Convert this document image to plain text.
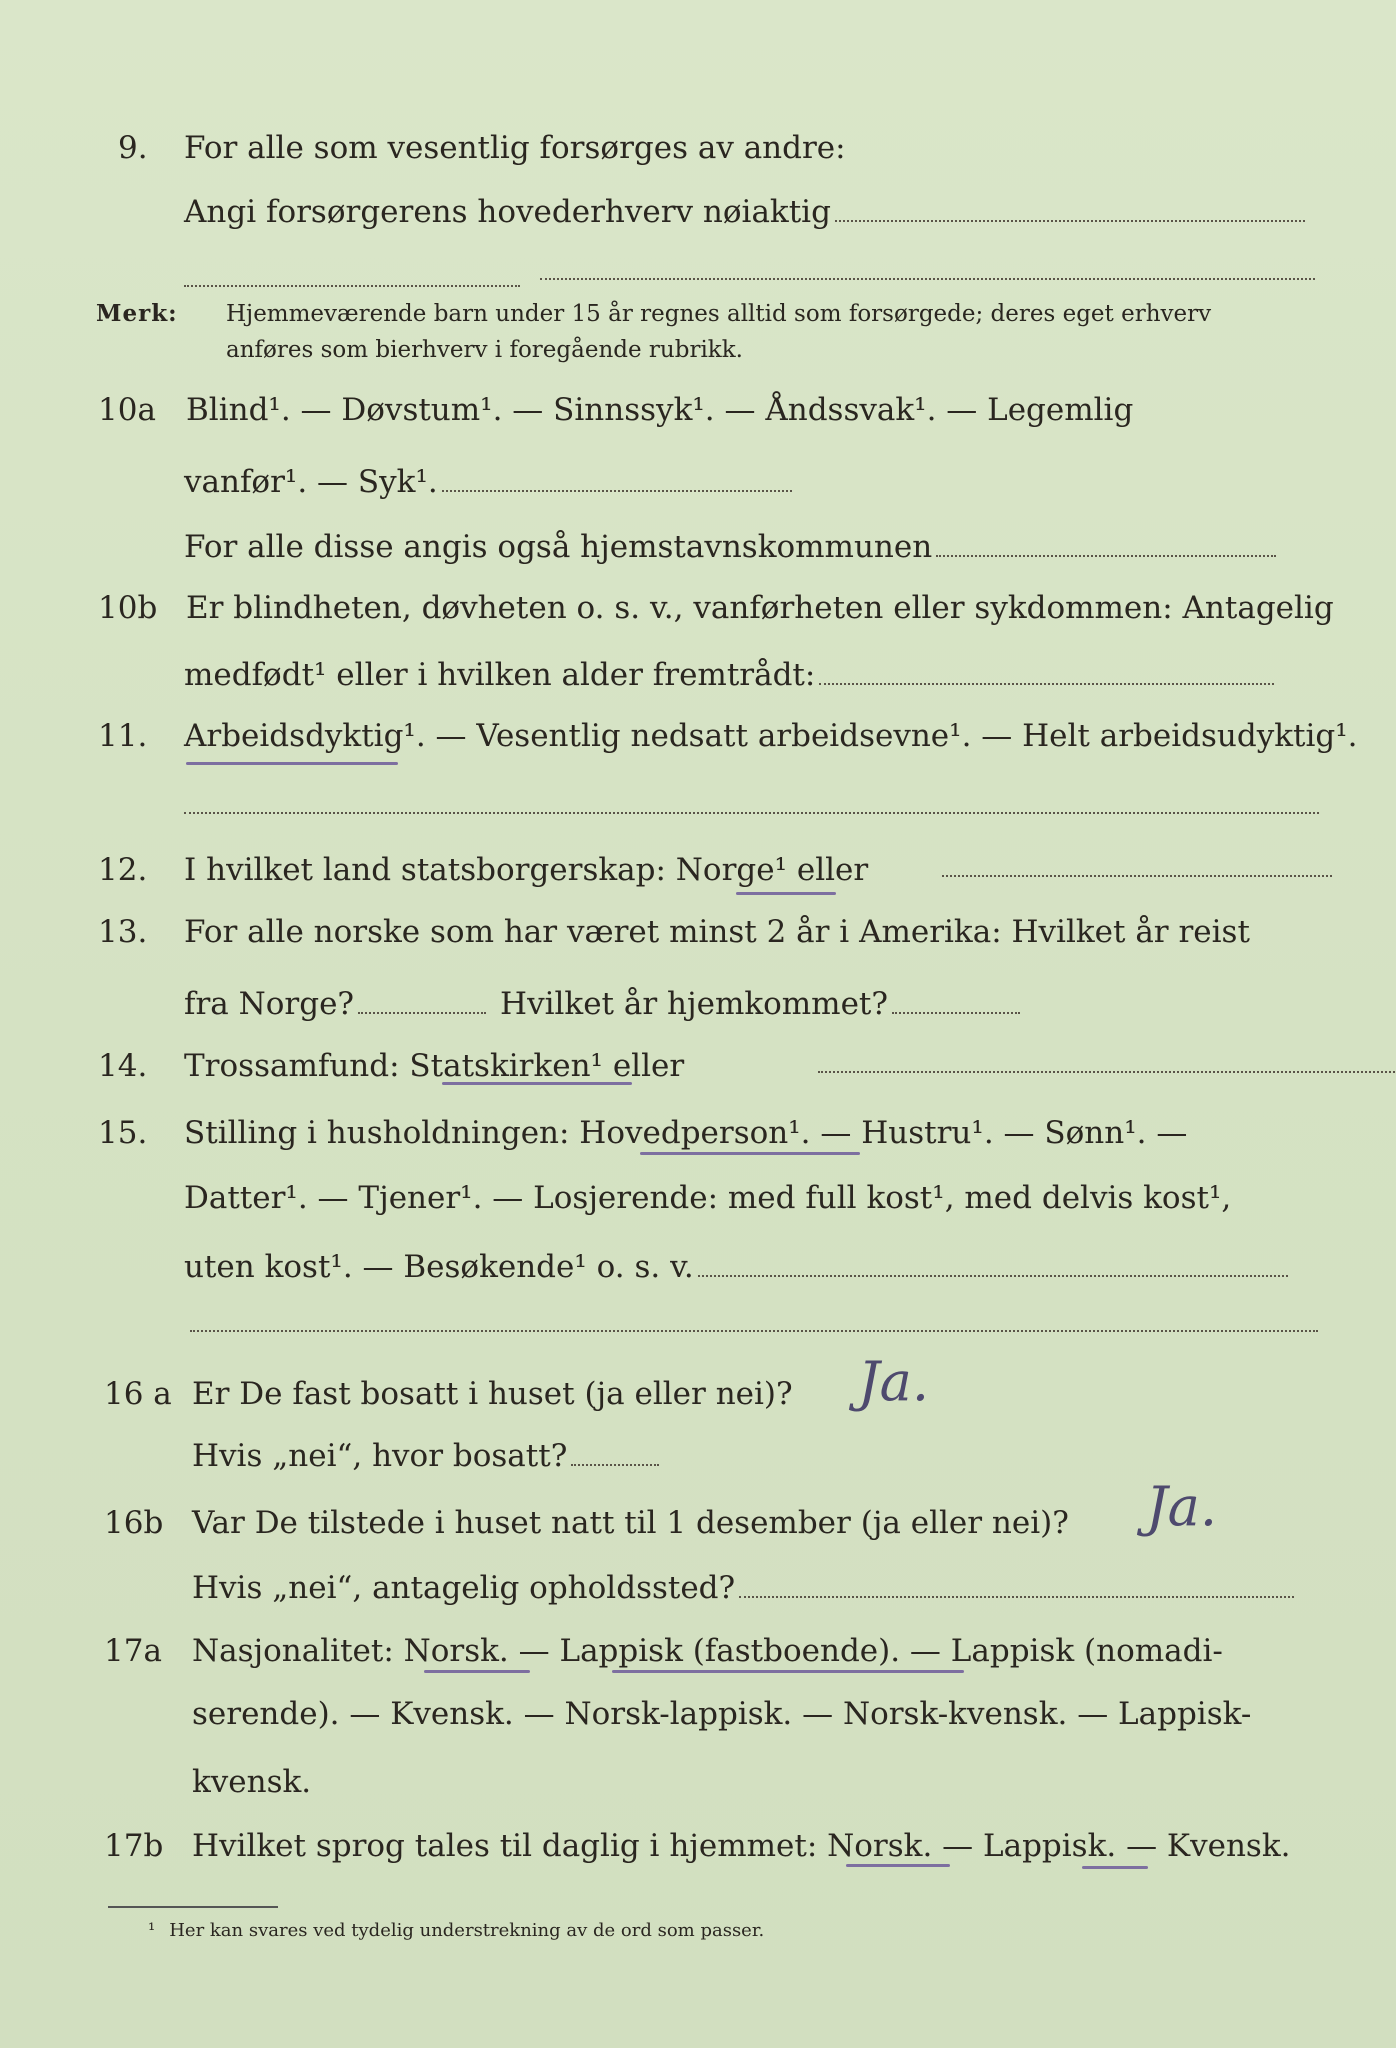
9. For alle som vesentlig forsørges av andre:
Angi forsørgerens hovederhverv nøiaktig
Merk: Hjemmeværende barn under 15 år regnes alltid som forsørgede; deres eget erhverv
anføres som bierhverv i foregående rubrikk.
10a Blind¹. — Døvstum¹. — Sinnssyk¹. — Åndssvak¹. — Legemlig
vanfør¹. — Syk¹.
For alle disse angis også hjemstavnskommunen
10b Er blindheten, døvheten o. s. v., vanførheten eller sykdommen: Antagelig
medfødt¹ eller i hvilken alder fremtrådt:
11. Arbeidsdyktig¹. — Vesentlig nedsatt arbeidsevne¹. — Helt arbeidsudyktig¹.
12. I hvilket land statsborgerskap: Norge¹ eller
13. For alle norske som har været minst 2 år i Amerika: Hvilket år reist
fra Norge?	Hvilket år hjemkommet?
14. Trossamfund: Statskirken¹ eller
15. Stilling i husholdningen: Hovedperson¹. — Hustru¹. — Sønn¹. —
Datter¹. — Tjener¹. — Losjerende: med full kost¹, med delvis kost¹,
uten kost¹. — Besøkende¹ o. s. v.
16 a Er De fast bosatt i huset (ja eller nei)? Ja.
Hvis „nei“, hvor bosatt?
16b Var De tilstede i huset natt til 1 desember (ja eller nei)? Ja.
Hvis „nei“, antagelig opholdssted?
17a Nasjonalitet: Norsk. — Lappisk (fastboende). — Lappisk (nomadi-
serende). — Kvensk. — Norsk-lappisk. — Norsk-kvensk. — Lappisk-
kvensk.
17b Hvilket sprog tales til daglig i hjemmet: Norsk. — Lappisk. — Kvensk.
¹ Her kan svares ved tydelig understrekning av de ord som passer.
